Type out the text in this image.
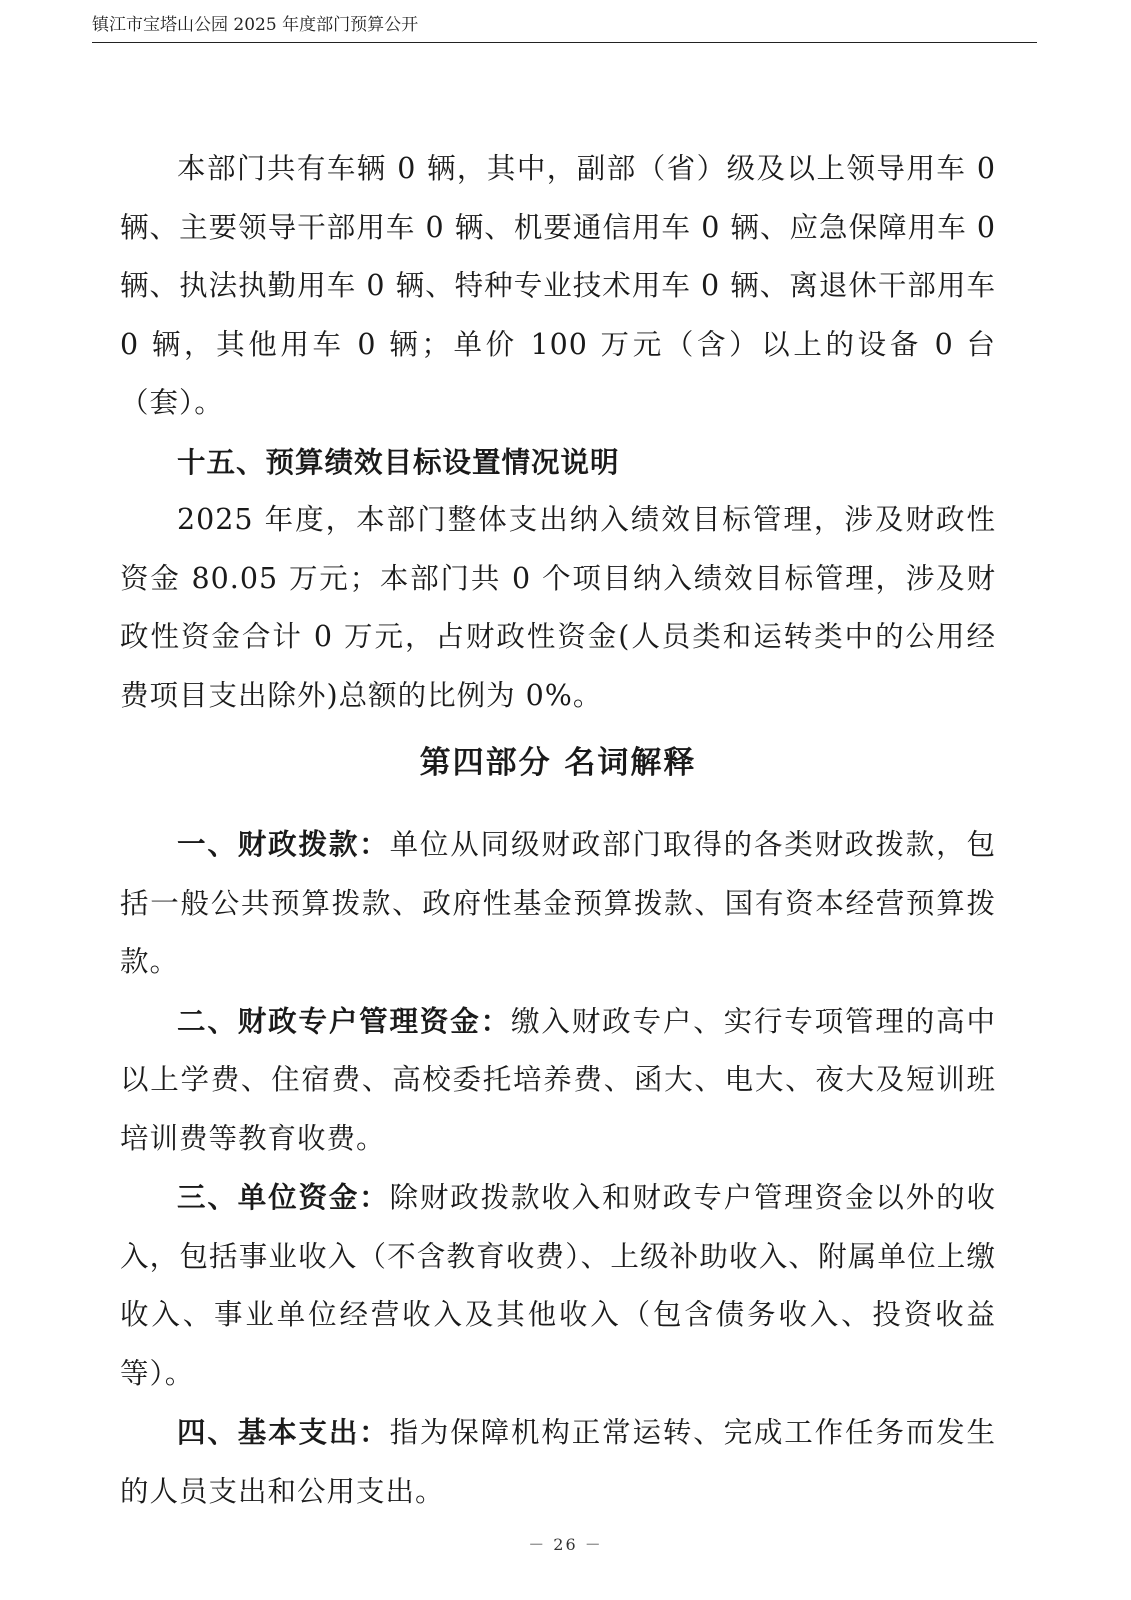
镇江市宝塔山公园 2025 年度部门预算公开

本部门共有车辆 0 辆，其中，副部（省）级及以上领导用车 0 辆、主要领导干部用车 0 辆、机要通信用车 0 辆、应急保障用车 0 辆、执法执勤用车 0 辆、特种专业技术用车 0 辆、离退休干部用车 0 辆，其他用车 0 辆；单价 100 万元（含）以上的设备 0 台（套）。

十五、预算绩效目标设置情况说明

2025 年度，本部门整体支出纳入绩效目标管理，涉及财政性资金 80.05 万元；本部门共 0 个项目纳入绩效目标管理，涉及财政性资金合计 0 万元，占财政性资金(人员类和运转类中的公用经费项目支出除外)总额的比例为 0%。

第四部分 名词解释

一、财政拨款：单位从同级财政部门取得的各类财政拨款，包括一般公共预算拨款、政府性基金预算拨款、国有资本经营预算拨款。

二、财政专户管理资金：缴入财政专户、实行专项管理的高中以上学费、住宿费、高校委托培养费、函大、电大、夜大及短训班培训费等教育收费。

三、单位资金：除财政拨款收入和财政专户管理资金以外的收入，包括事业收入（不含教育收费）、上级补助收入、附属单位上缴收入、事业单位经营收入及其他收入（包含债务收入、投资收益等）。

四、基本支出：指为保障机构正常运转、完成工作任务而发生的人员支出和公用支出。

－ 26 －
